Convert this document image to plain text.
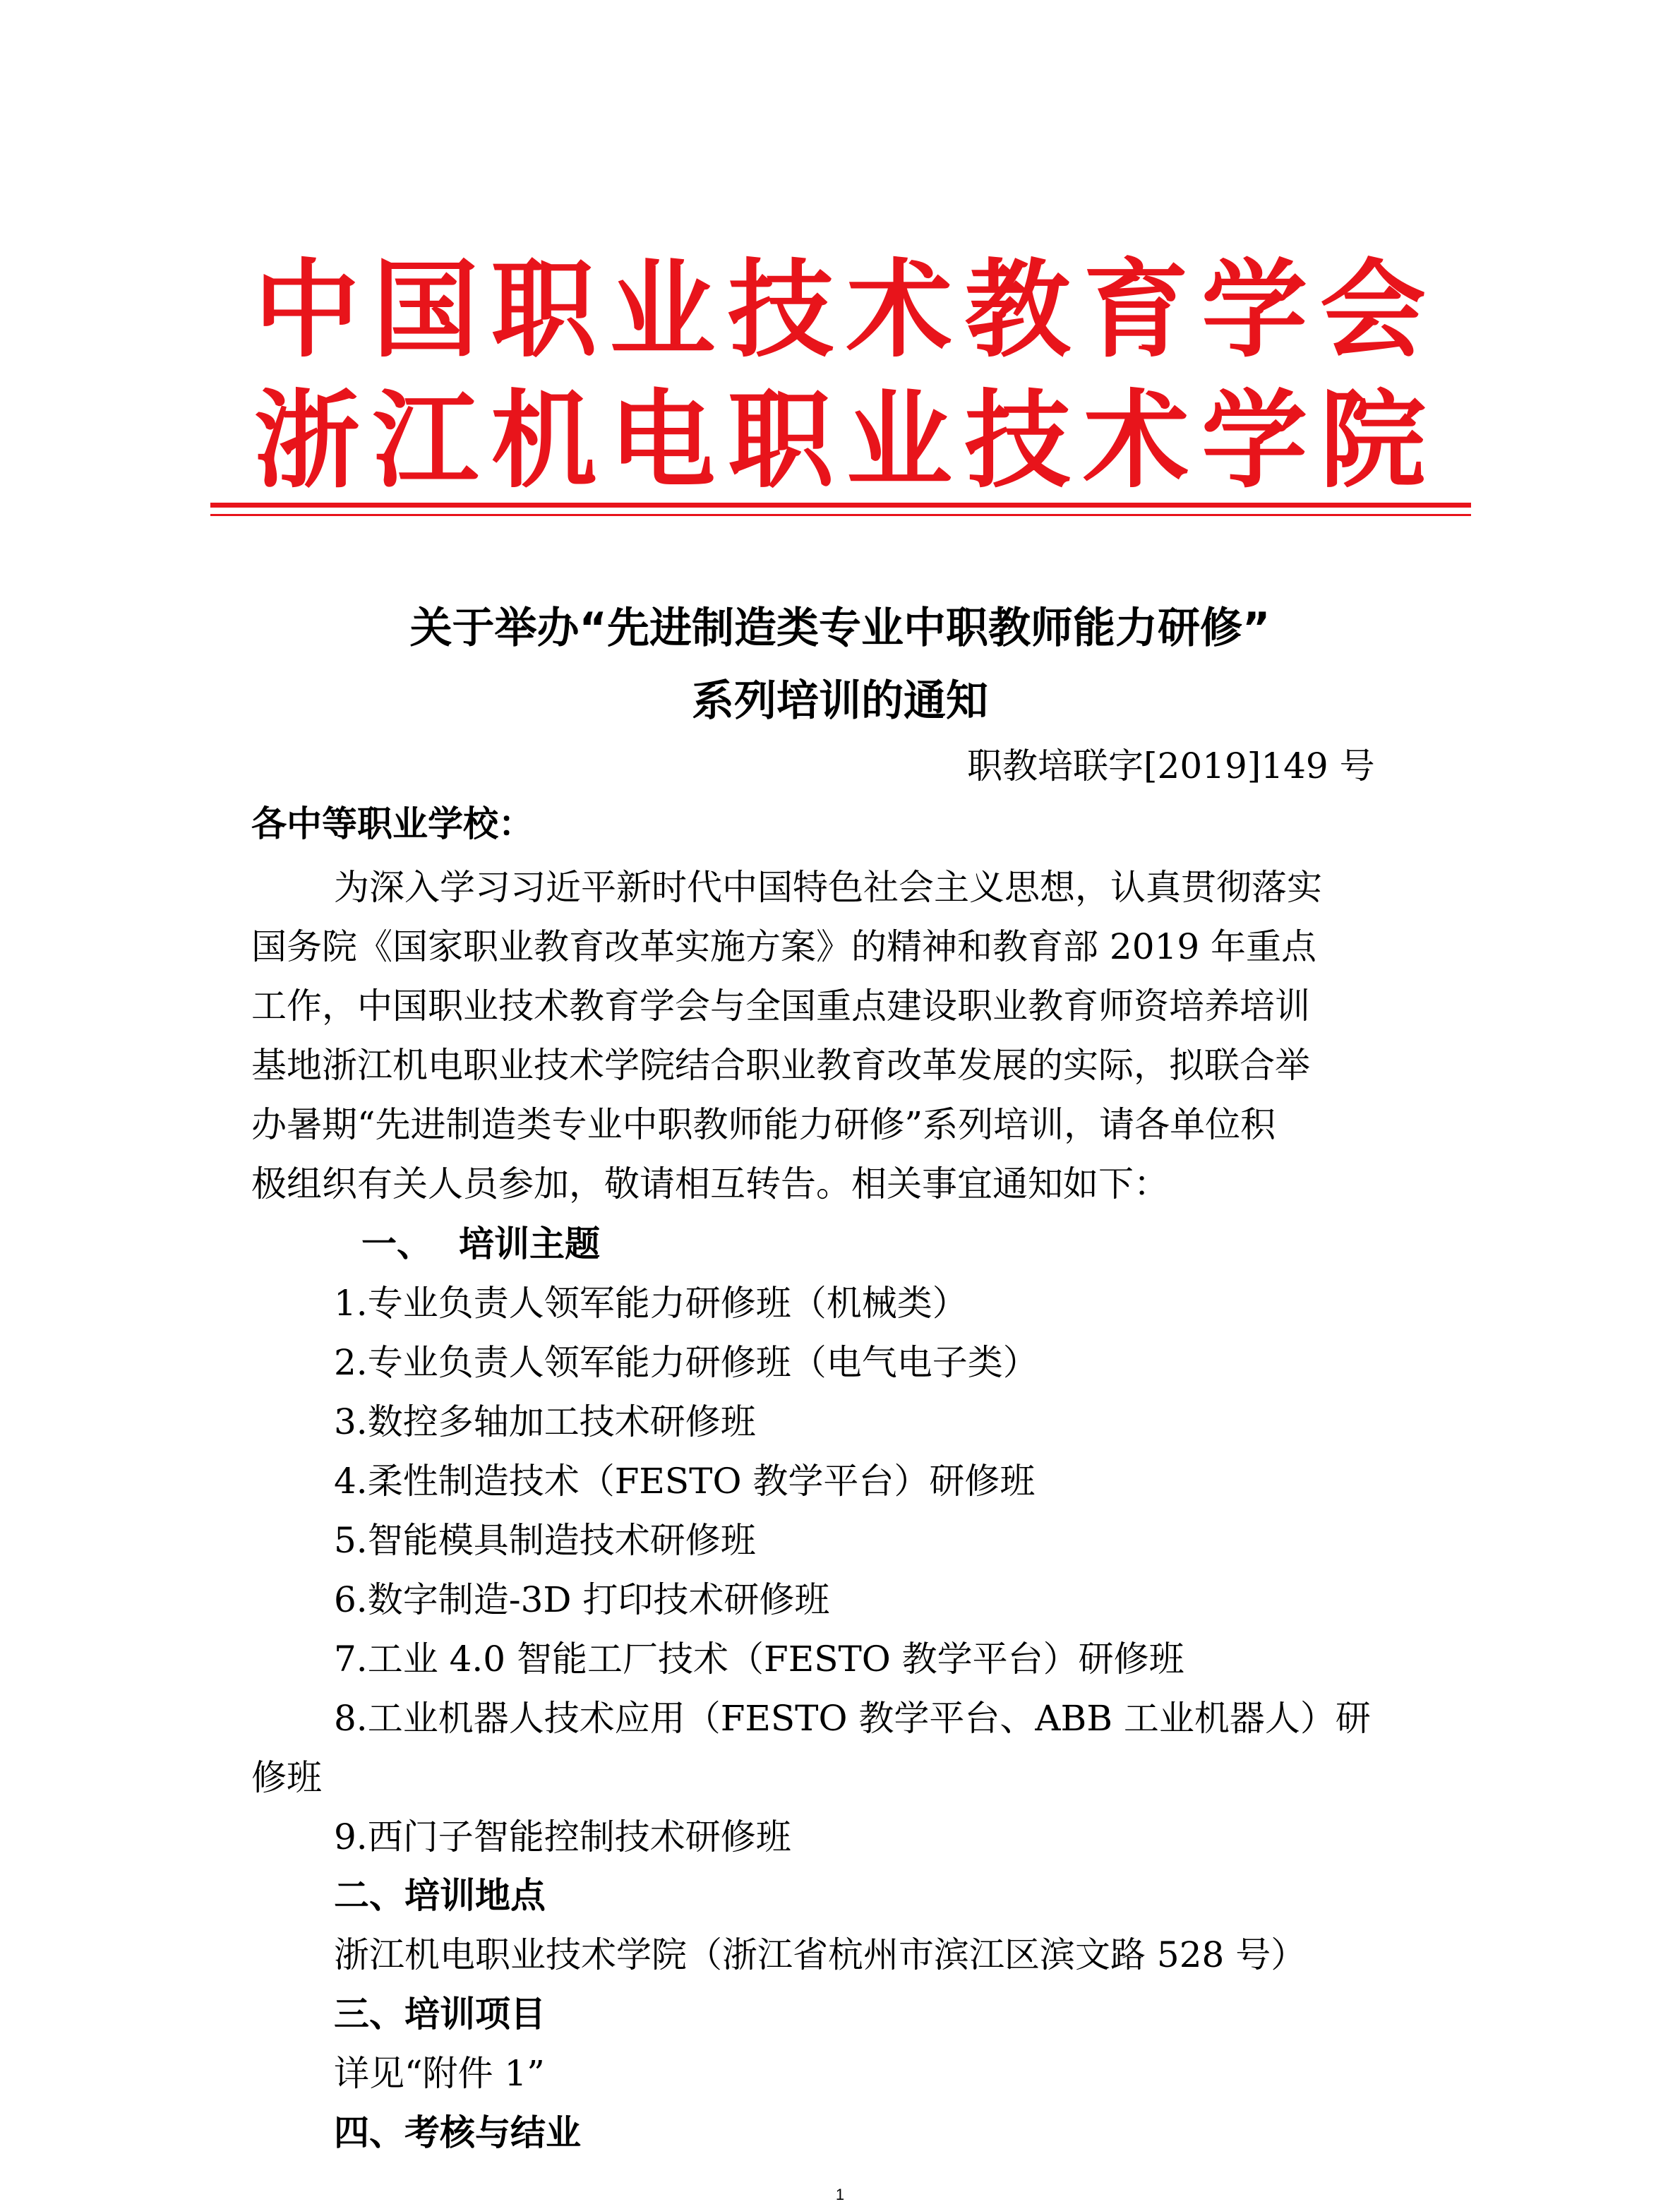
中 国 职 业 技 术 教 育 学 会
浙 江 机 电 职 业 技 术 学 院
关于举办“先进制造类专业中职教师能力研修”
系列培训的通知
职教培联字[2019]149 号
各中等职业学校：
为深入学习习近平新时代中国特色社会主义思想，认真贯彻落实
国务院《国家职业教育改革实施方案》的精神和教育部 2019 年重点
工作，中国职业技术教育学会与全国重点建设职业教育师资培养培训
基地浙江机电职业技术学院结合职业教育改革发展的实际，拟联合举
办暑期“先进制造类专业中职教师能力研修”系列培训，请各单位积
极组织有关人员参加，敬请相互转告。相关事宜通知如下：
一、 培训主题
1.专业负责人领军能力研修班（机械类）
2.专业负责人领军能力研修班（电气电子类）
3.数控多轴加工技术研修班
4.柔性制造技术（FESTO 教学平台）研修班
5.智能模具制造技术研修班
6.数字制造-3D 打印技术研修班
7.工业 4.0 智能工厂技术（FESTO 教学平台）研修班
8.工业机器人技术应用（FESTO 教学平台、ABB 工业机器人）研
修班
9.西门子智能控制技术研修班
二、培训地点
浙江机电职业技术学院（浙江省杭州市滨江区滨文路 528 号）
三、培训项目
详见“附件 1”
四、考核与结业
1
